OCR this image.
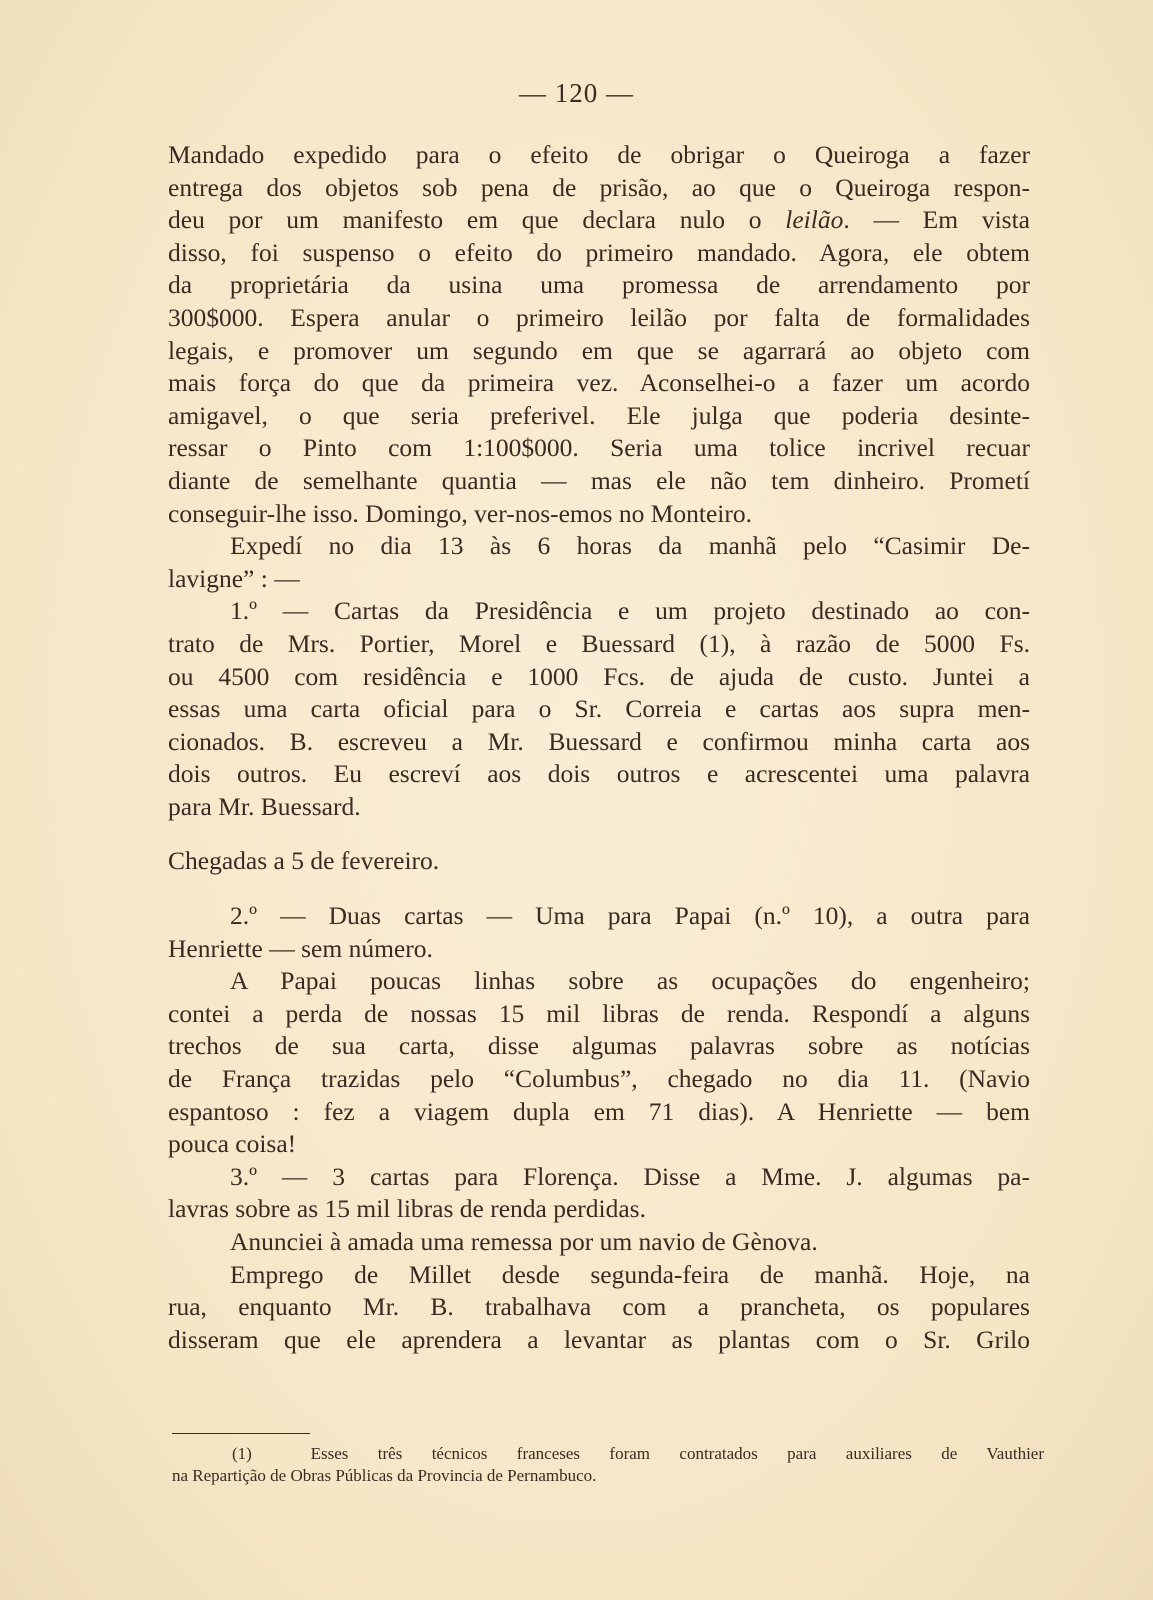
— 120 —
Mandado expedido para o efeito de obrigar o Queiroga a fazer
entrega dos objetos sob pena de prisão, ao que o Queiroga respon-
deu por um manifesto em que declara nulo o leilão. — Em vista
disso, foi suspenso o efeito do primeiro mandado. Agora, ele obtem
da proprietária da usina uma promessa de arrendamento por
300$000. Espera anular o primeiro leilão por falta de formalidades
legais, e promover um segundo em que se agarrará ao objeto com
mais força do que da primeira vez. Aconselhei-o a fazer um acordo
amigavel, o que seria preferivel. Ele julga que poderia desinte-
ressar o Pinto com 1:100$000. Seria uma tolice incrivel recuar
diante de semelhante quantia — mas ele não tem dinheiro. Prometí
conseguir-lhe isso. Domingo, ver-nos-emos no Monteiro.
Expedí no dia 13 às 6 horas da manhã pelo “Casimir De-
lavigne” : —
1.º — Cartas da Presidência e um projeto destinado ao con-
trato de Mrs. Portier, Morel e Buessard (1), à razão de 5000 Fs.
ou 4500 com residência e 1000 Fcs. de ajuda de custo. Juntei a
essas uma carta oficial para o Sr. Correia e cartas aos supra men-
cionados. B. escreveu a Mr. Buessard e confirmou minha carta aos
dois outros. Eu escreví aos dois outros e acrescentei uma palavra
para Mr. Buessard.
Chegadas a 5 de fevereiro.
2.º — Duas cartas — Uma para Papai (n.º 10), a outra para
Henriette — sem número.
A Papai poucas linhas sobre as ocupações do engenheiro;
contei a perda de nossas 15 mil libras de renda. Respondí a alguns
trechos de sua carta, disse algumas palavras sobre as notícias
de França trazidas pelo “Columbus”, chegado no dia 11. (Navio
espantoso : fez a viagem dupla em 71 dias). A Henriette — bem
pouca coisa!
3.º — 3 cartas para Florença. Disse a Mme. J. algumas pa-
lavras sobre as 15 mil libras de renda perdidas.
Anunciei à amada uma remessa por um navio de Gènova.
Emprego de Millet desde segunda-feira de manhã. Hoje, na
rua, enquanto Mr. B. trabalhava com a prancheta, os populares
disseram que ele aprendera a levantar as plantas com o Sr. Grilo
(1)	Esses três técnicos franceses foram contratados para auxiliares de Vauthier
na Repartição de Obras Públicas da Provincia de Pernambuco.
